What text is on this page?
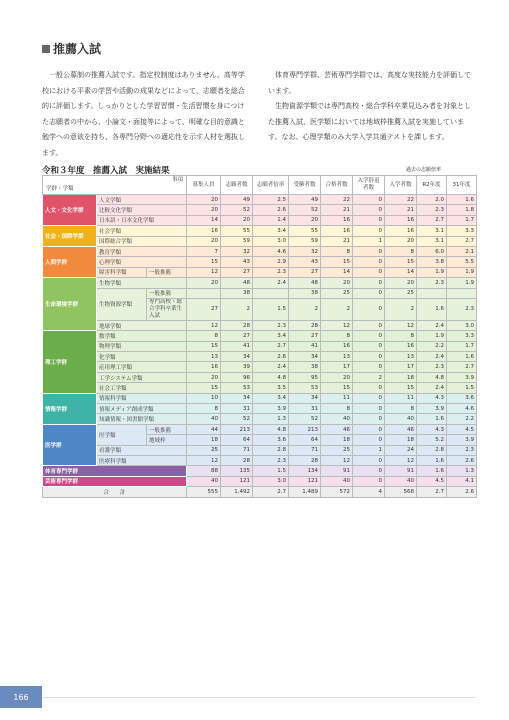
推薦入試

一般公募制の推薦入試です。指定校制度はありません。高等学校における平素の学習や活動の成果などによって、志願者を総合的に評価します。しっかりとした学習習慣・生活習慣を身につけた志願者の中から、小論文・面接等によって、明確な目的意識と勉学への意欲を持ち、各専門分野への適応性を示す人材を選抜します。

体育専門学群、芸術専門学群では、高度な実技能力を評価しています。

生物資源学類では専門高校・総合学科卒業見込み者を対象とした推薦入試、医学類においては地域枠推薦入試を実施しています。なお、心理学類のみ大学入学共通テストを課します。

令和３年度　推薦入試　実施結果	過去の志願倍率
事項
学群・学類			募集人員	志願者数	志願者倍率	受験者数	合格者数	入学辞退者数	入学者数	R2年度	31年度
人文・文化学群	人文学類		20	49	2.5	49	22	0	22	2.0	1.6
	比較文化学類		20	52	2.6	52	21	0	21	2.3	1.8
	日本語・日本文化学類		14	20	1.4	20	16	0	16	2.7	1.7
社会・国際学群	社会学類		16	55	3.4	55	16	0	16	3.1	3.3
	国際総合学類		20	59	3.0	59	21	1	20	3.1	2.7
人間学群	教育学類		7	32	4.6	32	8	0	8	6.0	2.1
	心理学類		15	43	2.9	43	15	0	15	3.8	5.5
	障害科学類	一般推薦	12	27	2.3	27	14	0	14	1.9	1.9
生命環境学群	生物学類		20	48	2.4	48	20	0	20	2.3	1.9
	生物資源学類	一般推薦		38		38	25	0	25		
		専門高校・総合学科卒業生入試	27	2	1.5	2	2	0	2	1.6	2.3
	地球学類		12	28	2.3	28	12	0	12	2.4	3.0
理工学群	数学類		8	27	3.4	27	8	0	8	1.9	3.3
	物理学類		15	41	2.7	41	16	0	16	2.2	1.7
	化学類		13	34	2.6	34	13	0	13	2.4	1.6
	応用理工学類		16	39	2.4	38	17	0	17	2.3	2.7
	工学システム学類		20	96	4.8	95	20	2	18	4.8	3.9
	社会工学類		15	53	3.5	53	15	0	15	2.4	1.5
情報学群	情報科学類		10	34	3.4	34	11	0	11	4.3	3.6
	情報メディア創成学類		8	31	3.9	31	8	0	8	3.9	4.6
	知識情報・図書館学類		40	52	1.3	52	40	0	40	1.6	2.2
医学群	医学類	一般推薦	44	213	4.8	213	46	0	46	4.3	4.5
		地域枠	18	64	3.6	64	18	0	18	5.2	3.9
	看護学類		25	71	2.8	71	25	1	24	2.8	2.3
	医療科学類		12	28	2.3	28	12	0	12	1.6	2.6
体育専門学群			88	135	1.5	134	91	0	91	1.6	1.3
芸術専門学群			40	121	3.0	121	40	0	40	4.5	4.1
合　　計			555	1,492	2.7	1,489	572	4	568	2.7	2.6
166
